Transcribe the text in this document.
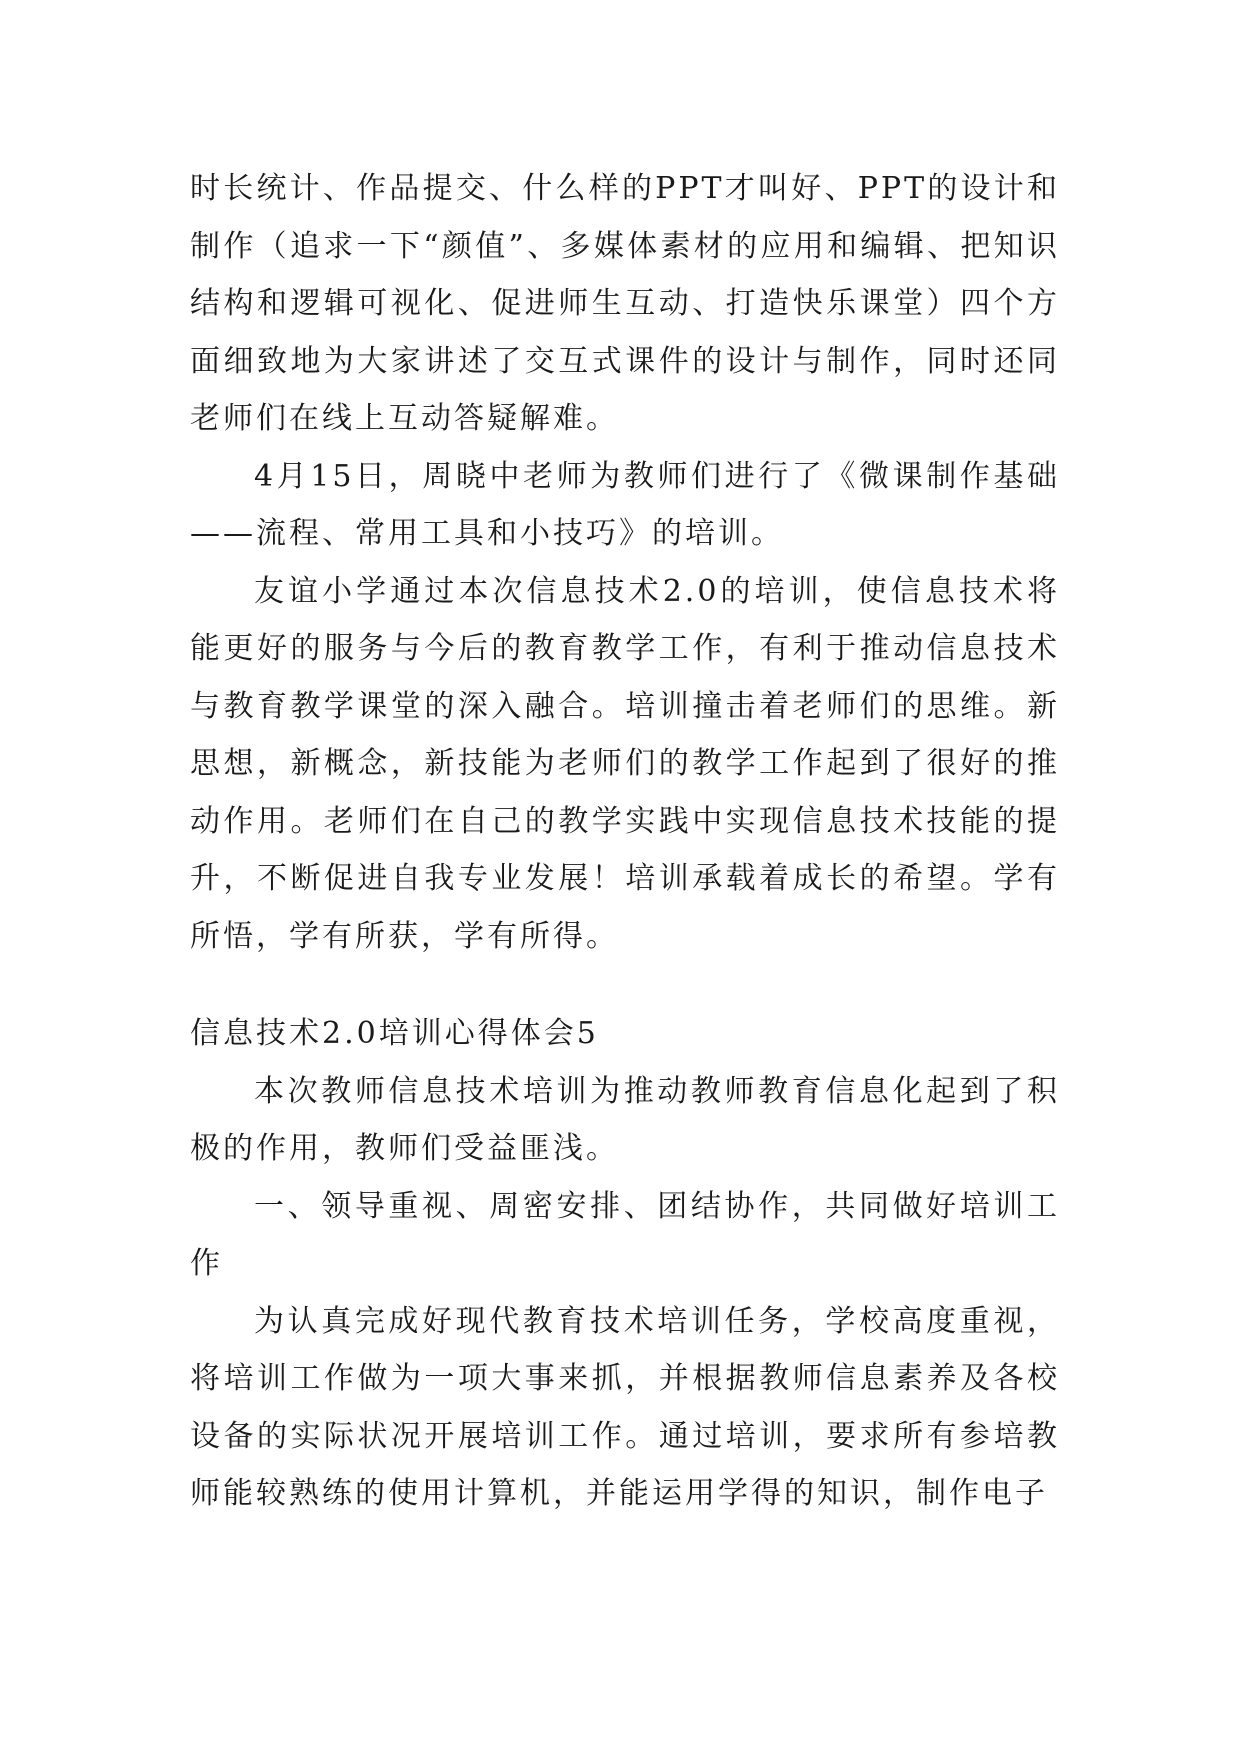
时长统计、作品提交、什么样的PPT才叫好、PPT的设计和制作（追求一下“颜值”、多媒体素材的应用和编辑、把知识结构和逻辑可视化、促进师生互动、打造快乐课堂）四个方面细致地为大家讲述了交互式课件的设计与制作，同时还同老师们在线上互动答疑解难。

4月15日，周晓中老师为教师们进行了《微课制作基础——流程、常用工具和小技巧》的培训。

友谊小学通过本次信息技术2.0的培训，使信息技术将能更好的服务与今后的教育教学工作，有利于推动信息技术与教育教学课堂的深入融合。培训撞击着老师们的思维。新思想，新概念，新技能为老师们的教学工作起到了很好的推动作用。老师们在自己的教学实践中实现信息技术技能的提升，不断促进自我专业发展！培训承载着成长的希望。学有所悟，学有所获，学有所得。

信息技术2.0培训心得体会5

本次教师信息技术培训为推动教师教育信息化起到了积极的作用，教师们受益匪浅。

一、领导重视、周密安排、团结协作，共同做好培训工作

为认真完成好现代教育技术培训任务，学校高度重视，将培训工作做为一项大事来抓，并根据教师信息素养及各校设备的实际状况开展培训工作。通过培训，要求所有参培教师能较熟练的使用计算机，并能运用学得的知识，制作电子
